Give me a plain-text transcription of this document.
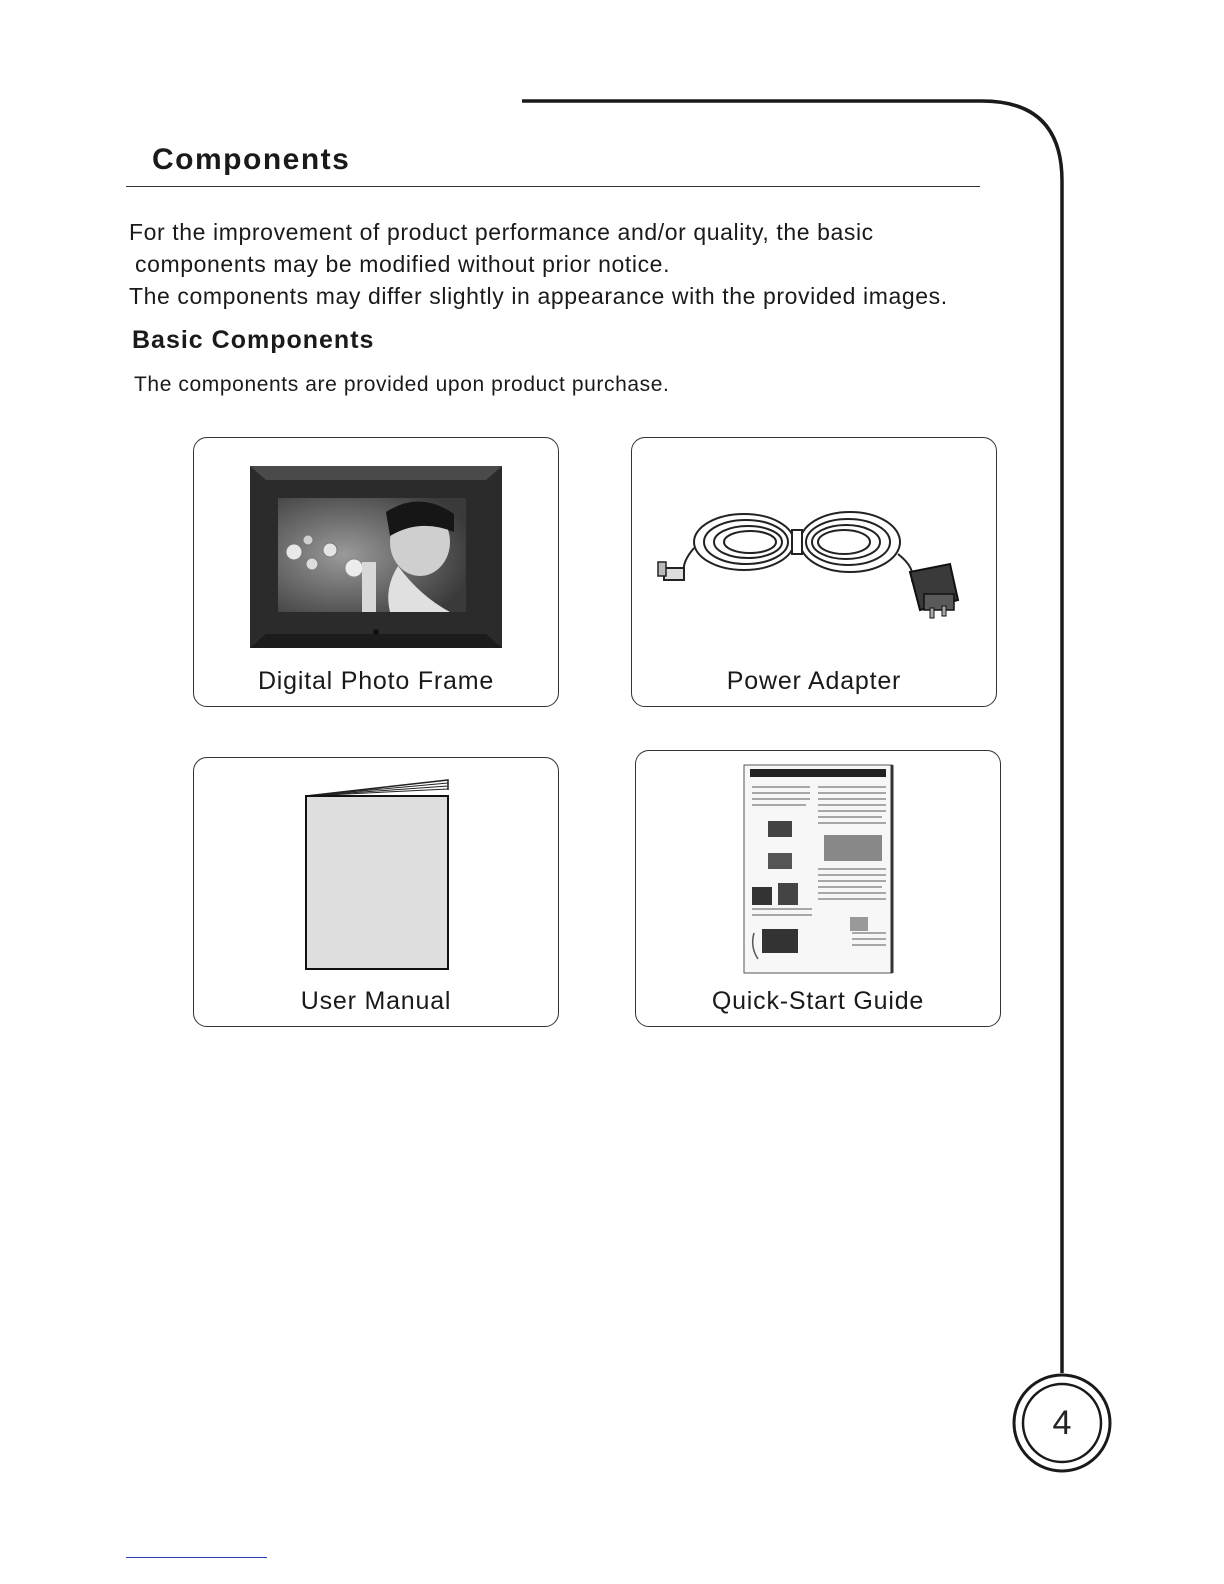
Components
For the improvement of product performance and/or quality, the basic
components may be modified without prior notice.
The components may differ slightly in appearance with the provided images.
Basic Components

The components are provided upon product purchase.

Digital Photo Frame	Power Adapter
User Manual	Quick-Start Guide
4
